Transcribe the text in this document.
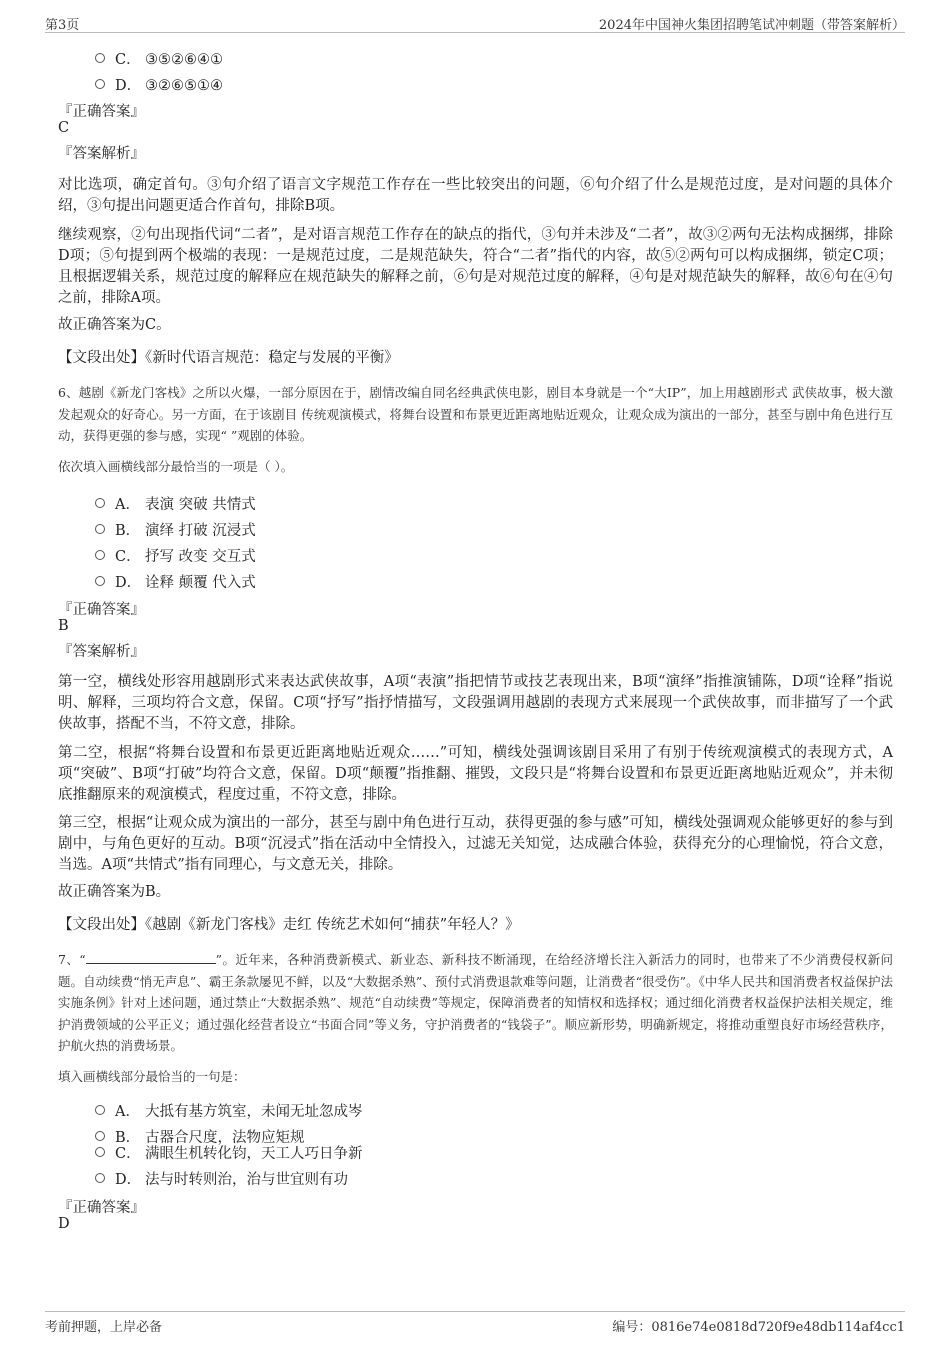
第3页	2024年中国神火集团招聘笔试冲刺题（带答案解析）
C． ③⑤②⑥④①
D． ③②⑥⑤①④
『正确答案』
C
『答案解析』
对比选项，确定首句。③句介绍了语言文字规范工作存在一些比较突出的问题，⑥句介绍了什么是规范过度，是对问题的具体介绍，③句提出问题更适合作首句，排除B项。
继续观察，②句出现指代词“二者”，是对语言规范工作存在的缺点的指代，③句并未涉及“二者”，故③②两句无法构成捆绑，排除D项；⑤句提到两个极端的表现：一是规范过度，二是规范缺失，符合“二者”指代的内容，故⑤②两句可以构成捆绑，锁定C项；且根据逻辑关系，规范过度的解释应在规范缺失的解释之前，⑥句是对规范过度的解释，④句是对规范缺失的解释，故⑥句在④句之前，排除A项。
故正确答案为C。
【文段出处】《新时代语言规范：稳定与发展的平衡》
6、越剧《新龙门客栈》之所以火爆，一部分原因在于，剧情改编自同名经典武侠电影，剧目本身就是一个“大IP”，加上用越剧形式 武侠故事，极大激发起观众的好奇心。另一方面，在于该剧目 传统观演模式，将舞台设置和布景更近距离地贴近观众，让观众成为演出的一部分，甚至与剧中角色进行互动，获得更强的参与感，实现“ ”观剧的体验。
依次填入画横线部分最恰当的一项是（ ）。
A． 表演 突破 共情式
B． 演绎 打破 沉浸式
C． 抒写 改变 交互式
D． 诠释 颠覆 代入式
『正确答案』
B
『答案解析』
第一空，横线处形容用越剧形式来表达武侠故事，A项“表演”指把情节或技艺表现出来，B项“演绎”指推演铺陈，D项“诠释”指说明、解释，三项均符合文意，保留。C项“抒写”指抒情描写，文段强调用越剧的表现方式来展现一个武侠故事，而非描写了一个武侠故事，搭配不当，不符文意，排除。
第二空，根据“将舞台设置和布景更近距离地贴近观众……”可知，横线处强调该剧目采用了有别于传统观演模式的表现方式，A项“突破”、B项“打破”均符合文意，保留。D项“颠覆”指推翻、摧毁，文段只是“将舞台设置和布景更近距离地贴近观众”，并未彻底推翻原来的观演模式，程度过重，不符文意，排除。
第三空，根据“让观众成为演出的一部分，甚至与剧中角色进行互动，获得更强的参与感”可知，横线处强调观众能够更好的参与到剧中，与角色更好的互动。B项“沉浸式”指在活动中全情投入，过滤无关知觉，达成融合体验，获得充分的心理愉悦，符合文意，当选。A项“共情式”指有同理心，与文意无关，排除。
故正确答案为B。
【文段出处】《越剧《新龙门客栈》走红 传统艺术如何“捕获”年轻人？》
7、“	”。近年来，各种消费新模式、新业态、新科技不断涌现，在给经济增长注入新活力的同时，也带来了不少消费侵权新问题。自动续费“悄无声息”、霸王条款屡见不鲜，以及“大数据杀熟”、预付式消费退款难等问题，让消费者“很受伤”。《中华人民共和国消费者权益保护法实施条例》针对上述问题，通过禁止“大数据杀熟”、规范“自动续费”等规定，保障消费者的知情权和选择权；通过细化消费者权益保护法相关规定，维护消费领域的公平正义；通过强化经营者设立“书面合同”等义务，守护消费者的“钱袋子”。顺应新形势，明确新规定，将推动重塑良好市场经营秩序，护航火热的消费场景。
填入画横线部分最恰当的一句是：
A． 大抵有基方筑室，未闻无址忽成岑
B． 古器合尺度，法物应矩规
C． 满眼生机转化钧，天工人巧日争新
D． 法与时转则治，治与世宜则有功
『正确答案』
D
考前押题，上岸必备	编号：0816e74e0818d720f9e48db114af4cc1
